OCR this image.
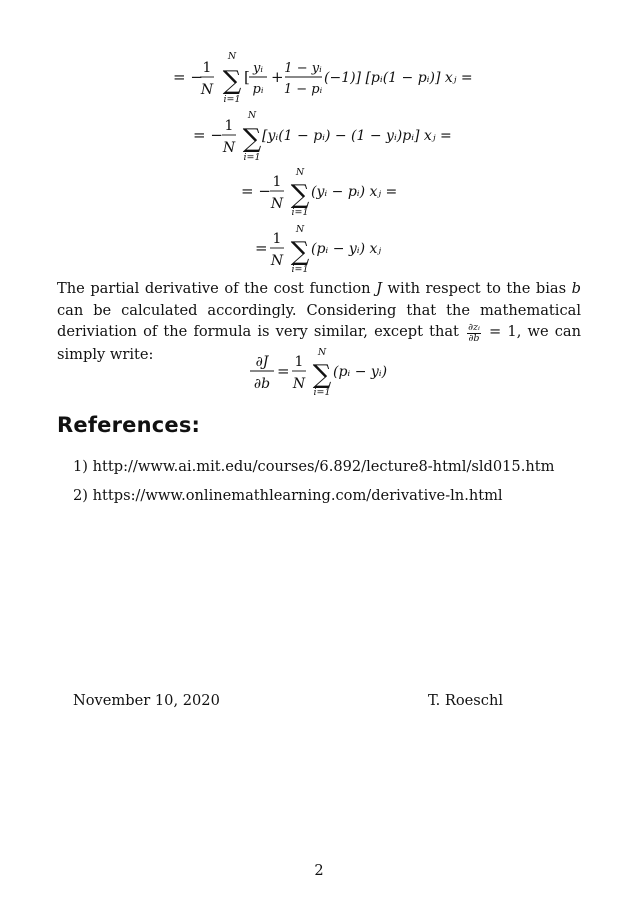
= − 1
N
N
∑
i=1
[ yᵢ
pᵢ
+ 1 − yᵢ
1 − pᵢ
(−1)] [pᵢ(1 − pᵢ)] xⱼ =
= − 1
N
N
∑
i=1
[yᵢ(1 − pᵢ) − (1 − yᵢ)pᵢ] xⱼ =
= − 1
N
N
∑
i=1
(yᵢ − pᵢ) xⱼ =
= 1
N
N
∑
i=1
(pᵢ − yᵢ) xⱼ

The partial derivative of the cost function J with respect to the bias b can be calculated accordingly. Considering that the mathematical deriviation of the formula is very similar, except that $\frac{\text{∂zᵢ}}{\partial b} = 1$, we can simply write:	∂J
∂b
= 1
N
N
∑
i=1
(pᵢ − yᵢ)
References:
1) http://www.ai.mit.edu/courses/6.892/lecture8-html/sld015.htm
2) https://www.onlinemathlearning.com/derivative-ln.html
November 10, 2020	T. Roeschl
2
